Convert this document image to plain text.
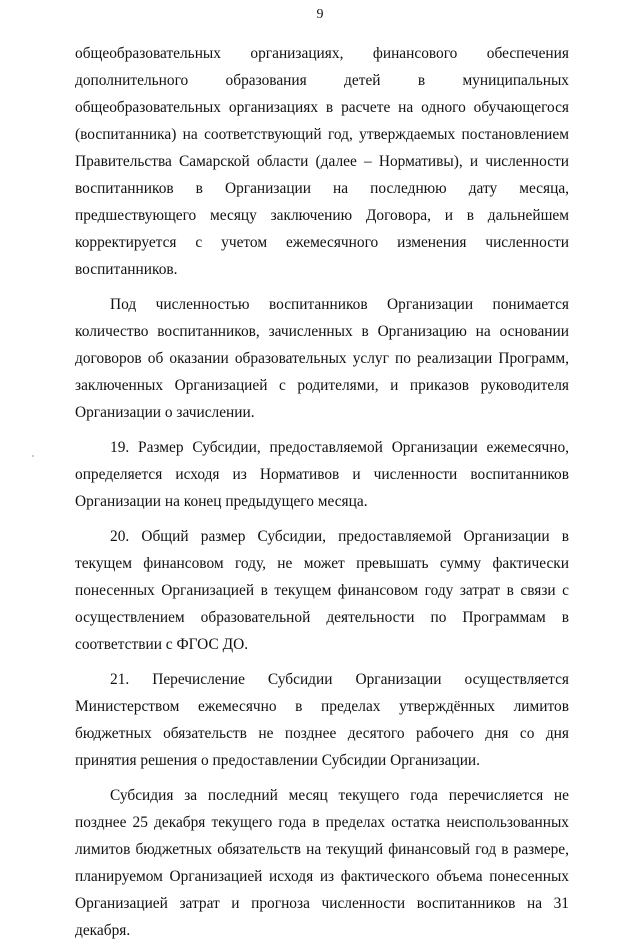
9

общеобразовательных организациях, финансового обеспечения дополнительного образования детей в муниципальных общеобразовательных организациях в расчете на одного обучающегося (воспитанника) на соответствующий год, утверждаемых постановлением Правительства Самарской области (далее – Нормативы), и численности воспитанников в Организации на последнюю дату месяца, предшествующего месяцу заключению Договора, и в дальнейшем корректируется с учетом ежемесячного изменения численности воспитанников.

Под численностью воспитанников Организации понимается количество воспитанников, зачисленных в Организацию на основании договоров об оказании образовательных услуг по реализации Программ, заключенных Организацией с родителями, и приказов руководителя Организации о зачислении.

19. Размер Субсидии, предоставляемой Организации ежемесячно, определяется исходя из Нормативов и численности воспитанников Организации на конец предыдущего месяца.

20. Общий размер Субсидии, предоставляемой Организации в текущем финансовом году, не может превышать сумму фактически понесенных Организацией в текущем финансовом году затрат в связи с осуществлением образовательной деятельности по Программам в соответствии с ФГОС ДО.

21. Перечисление Субсидии Организации осуществляется Министерством ежемесячно в пределах утверждённых лимитов бюджетных обязательств не позднее десятого рабочего дня со дня принятия решения о предоставлении Субсидии Организации.

Субсидия за последний месяц текущего года перечисляется не позднее 25 декабря текущего года в пределах остатка неиспользованных лимитов бюджетных обязательств на текущий финансовый год в размере, планируемом Организацией исходя из фактического объема понесенных Организацией затрат и прогноза численности воспитанников на 31 декабря.
